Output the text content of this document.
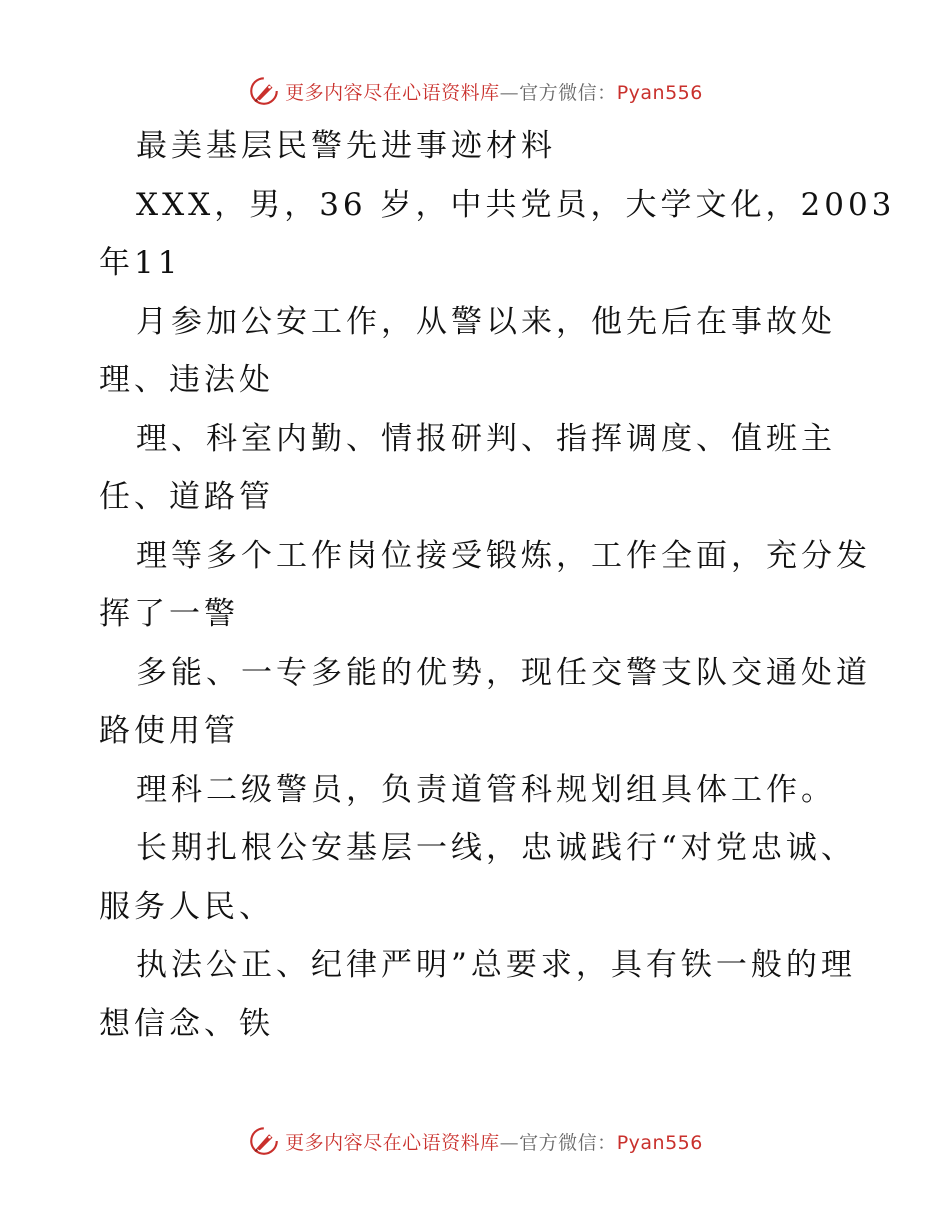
更多内容尽在心语资料库—官方微信：Pyan556
最美基层民警先进事迹材料
XXX，男，36 岁，中共党员，大学文化，2003
年11
月参加公安工作，从警以来，他先后在事故处
理、违法处
理、科室内勤、情报研判、指挥调度、值班主
任、道路管
理等多个工作岗位接受锻炼，工作全面，充分发
挥了一警
多能、一专多能的优势，现任交警支队交通处道
路使用管
理科二级警员，负责道管科规划组具体工作。
长期扎根公安基层一线，忠诚践行“对党忠诚、
服务人民、
执法公正、纪律严明”总要求，具有铁一般的理
想信念、铁
更多内容尽在心语资料库—官方微信：Pyan556
